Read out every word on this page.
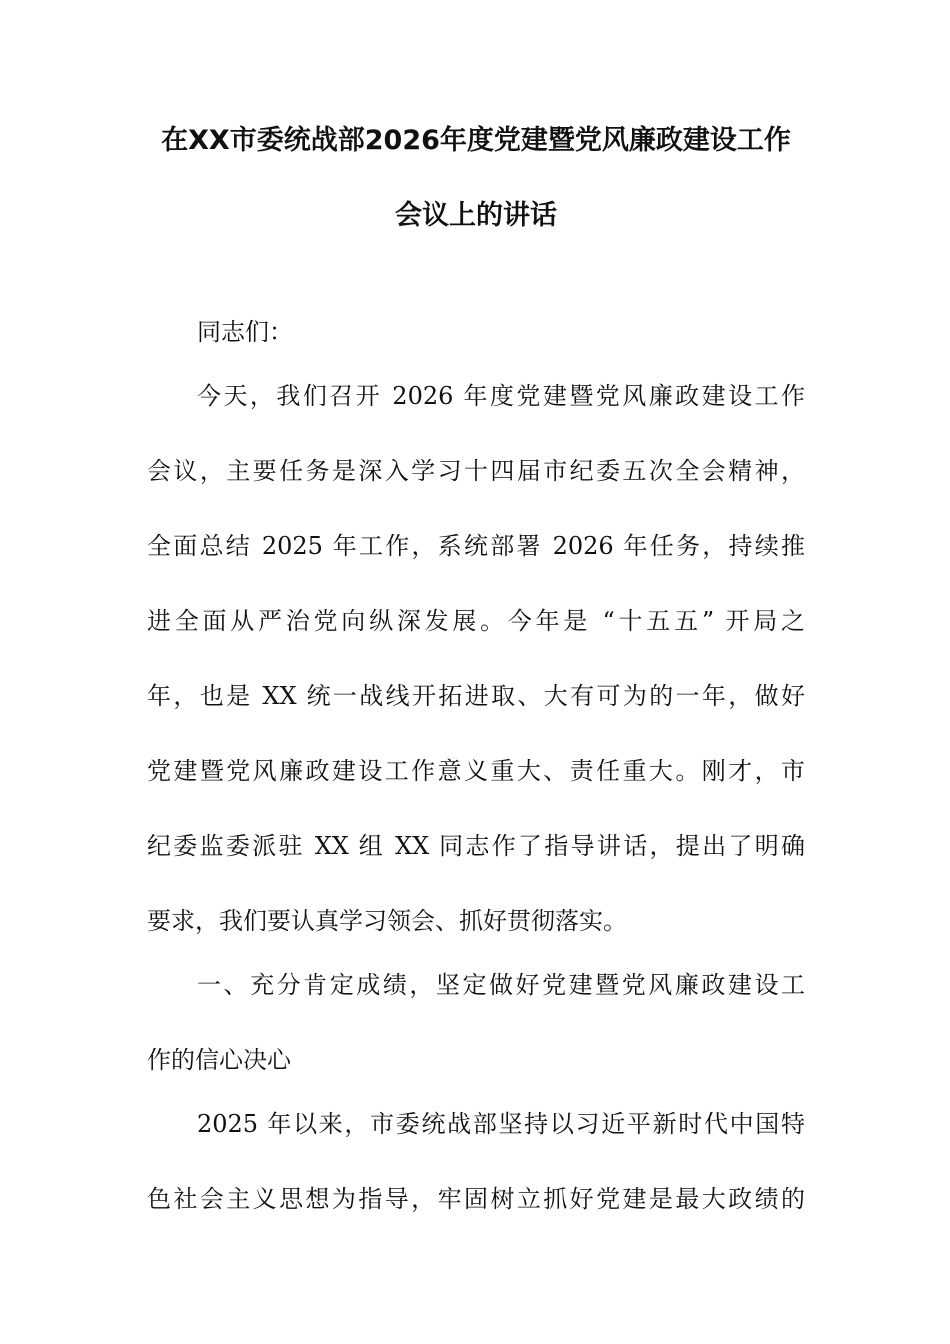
在XX市委统战部2026年度党建暨党风廉政建设工作
会议上的讲话
同志们：
今天，我们召开 2026 年度党建暨党风廉政建设工作
会议，主要任务是深入学习十四届市纪委五次全会精神，
全面总结 2025 年工作，系统部署 2026 年任务，持续推
进全面从严治党向纵深发展。今年是 “十五五” 开局之
年，也是 XX 统一战线开拓进取、大有可为的一年，做好
党建暨党风廉政建设工作意义重大、责任重大。刚才，市
纪委监委派驻 XX 组 XX 同志作了指导讲话，提出了明确
要求，我们要认真学习领会、抓好贯彻落实。
一、充分肯定成绩，坚定做好党建暨党风廉政建设工
作的信心决心
2025 年以来，市委统战部坚持以习近平新时代中国特
色社会主义思想为指导，牢固树立抓好党建是最大政绩的
